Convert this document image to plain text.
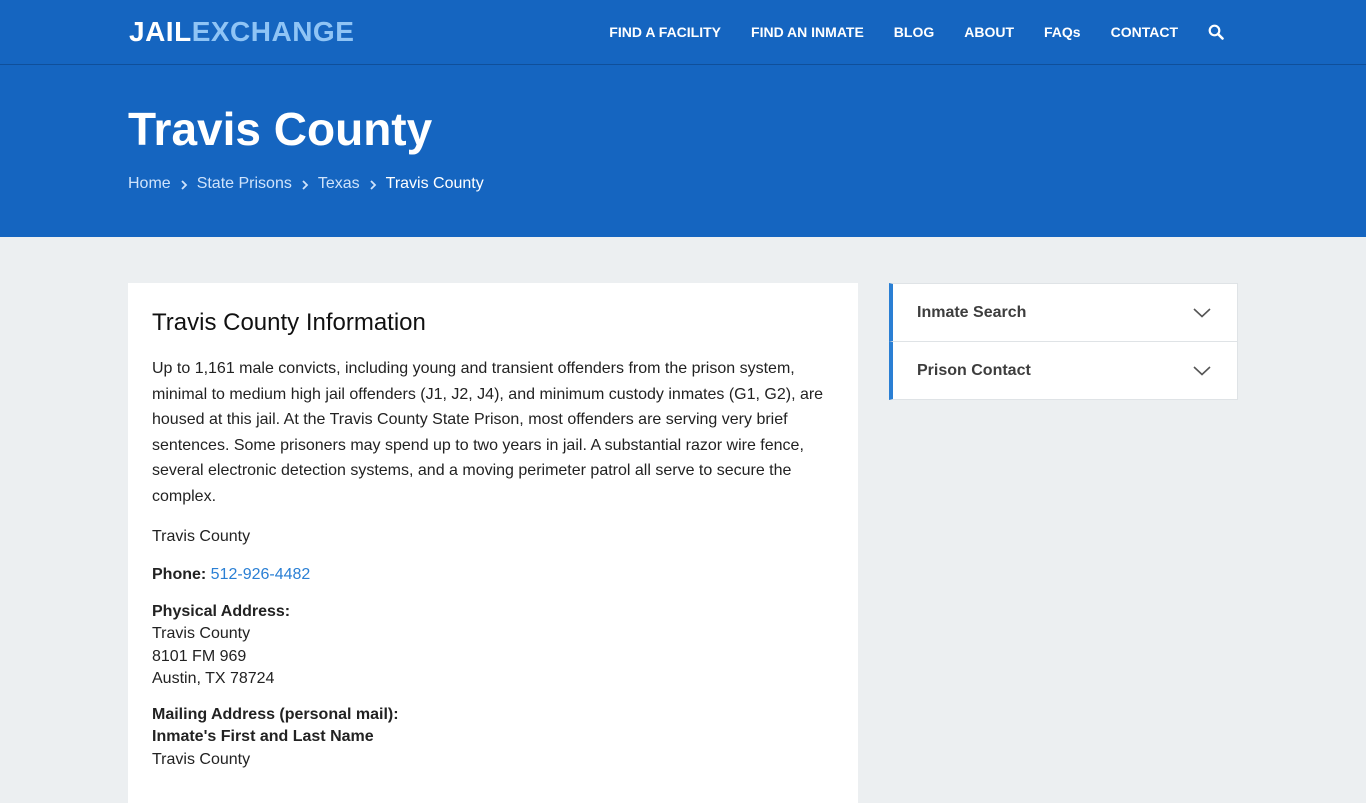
JAILEXCHANGE	FIND A FACILITY FIND AN INMATE BLOG ABOUT FAQs CONTACT
Travis County
Home State Prisons Texas Travis County
Travis County Information

Up to 1,161 male convicts, including young and transient offenders from the prison system, minimal to medium high jail offenders (J1, J2, J4), and minimum custody inmates (G1, G2), are housed at this jail. At the Travis County State Prison, most offenders are serving very brief sentences. Some prisoners may spend up to two years in jail. A substantial razor wire fence, several electronic detection systems, and a moving perimeter patrol all serve to secure the complex.

Travis County

Phone: 512-926-4482

Physical Address:
Travis County
8101 FM 969
Austin, TX 78724
Mailing Address (personal mail):
Inmate's First and Last Name
Travis County
Inmate Search
Prison Contact
